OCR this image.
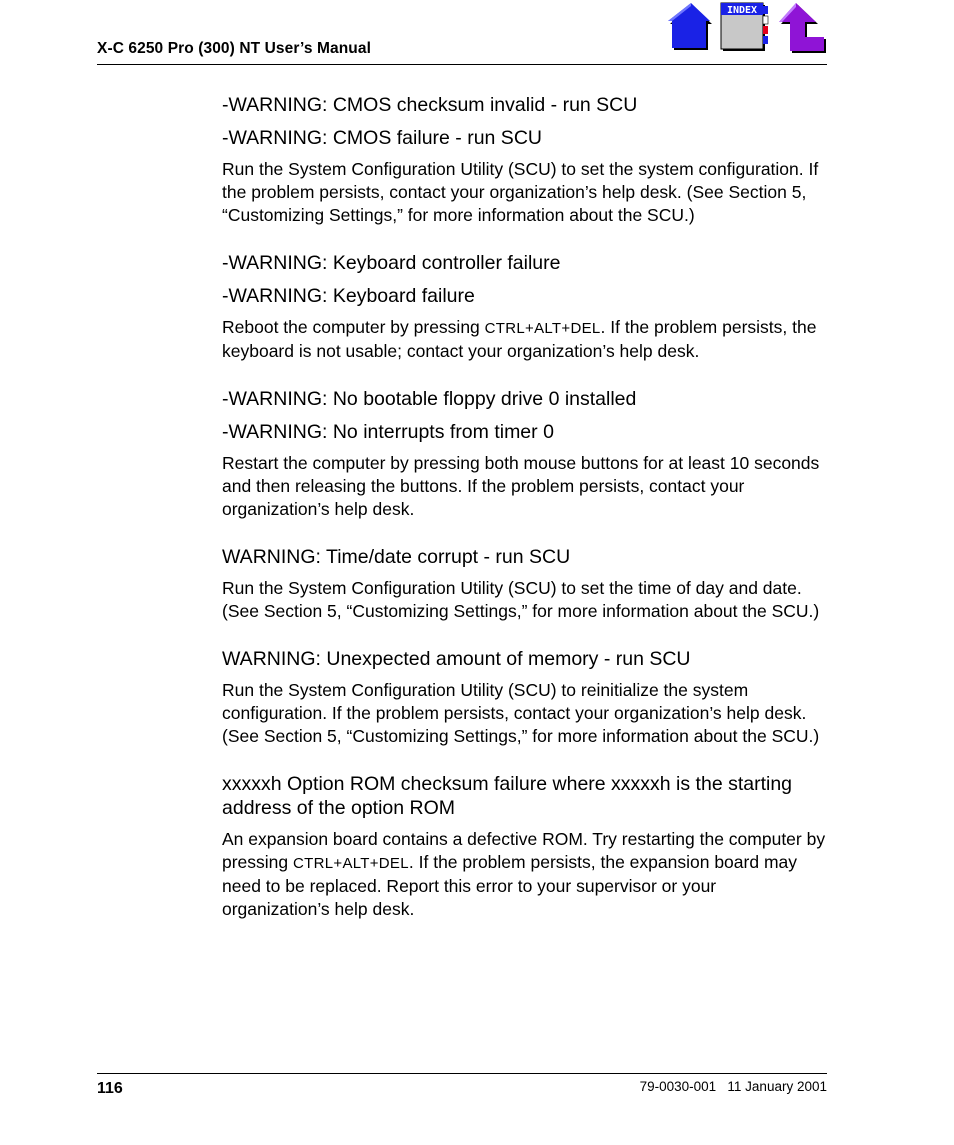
X-C 6250 Pro (300) NT User’s Manual
INDEX

-WARNING: CMOS checksum invalid - run SCU

-WARNING: CMOS failure - run SCU

Run the System Configuration Utility (SCU) to set the system configuration. If the problem persists, contact your organization’s help desk. (See Section 5, “Customizing Settings,” for more information about the SCU.)

-WARNING: Keyboard controller failure

-WARNING: Keyboard failure

Reboot the computer by pressing CTRL+ALT+DEL. If the problem persists, the keyboard is not usable; contact your organization’s help desk.

-WARNING: No bootable floppy drive 0 installed

-WARNING: No interrupts from timer 0

Restart the computer by pressing both mouse buttons for at least 10 seconds and then releasing the buttons. If the problem persists, contact your organization’s help desk.

WARNING: Time/date corrupt - run SCU

Run the System Configuration Utility (SCU) to set the time of day and date. (See Section 5, “Customizing Settings,” for more information about the SCU.)

WARNING: Unexpected amount of memory - run SCU

Run the System Configuration Utility (SCU) to reinitialize the system configuration. If the problem persists, contact your organization’s help desk. (See Section 5, “Customizing Settings,” for more information about the SCU.)

xxxxxh Option ROM checksum failure where xxxxxh is the starting address of the option ROM

An expansion board contains a defective ROM. Try restarting the computer by pressing CTRL+ALT+DEL. If the problem persists, the expansion board may need to be replaced. Report this error to your supervisor or your organization’s help desk.

116	79-0030-001   11 January 2001
